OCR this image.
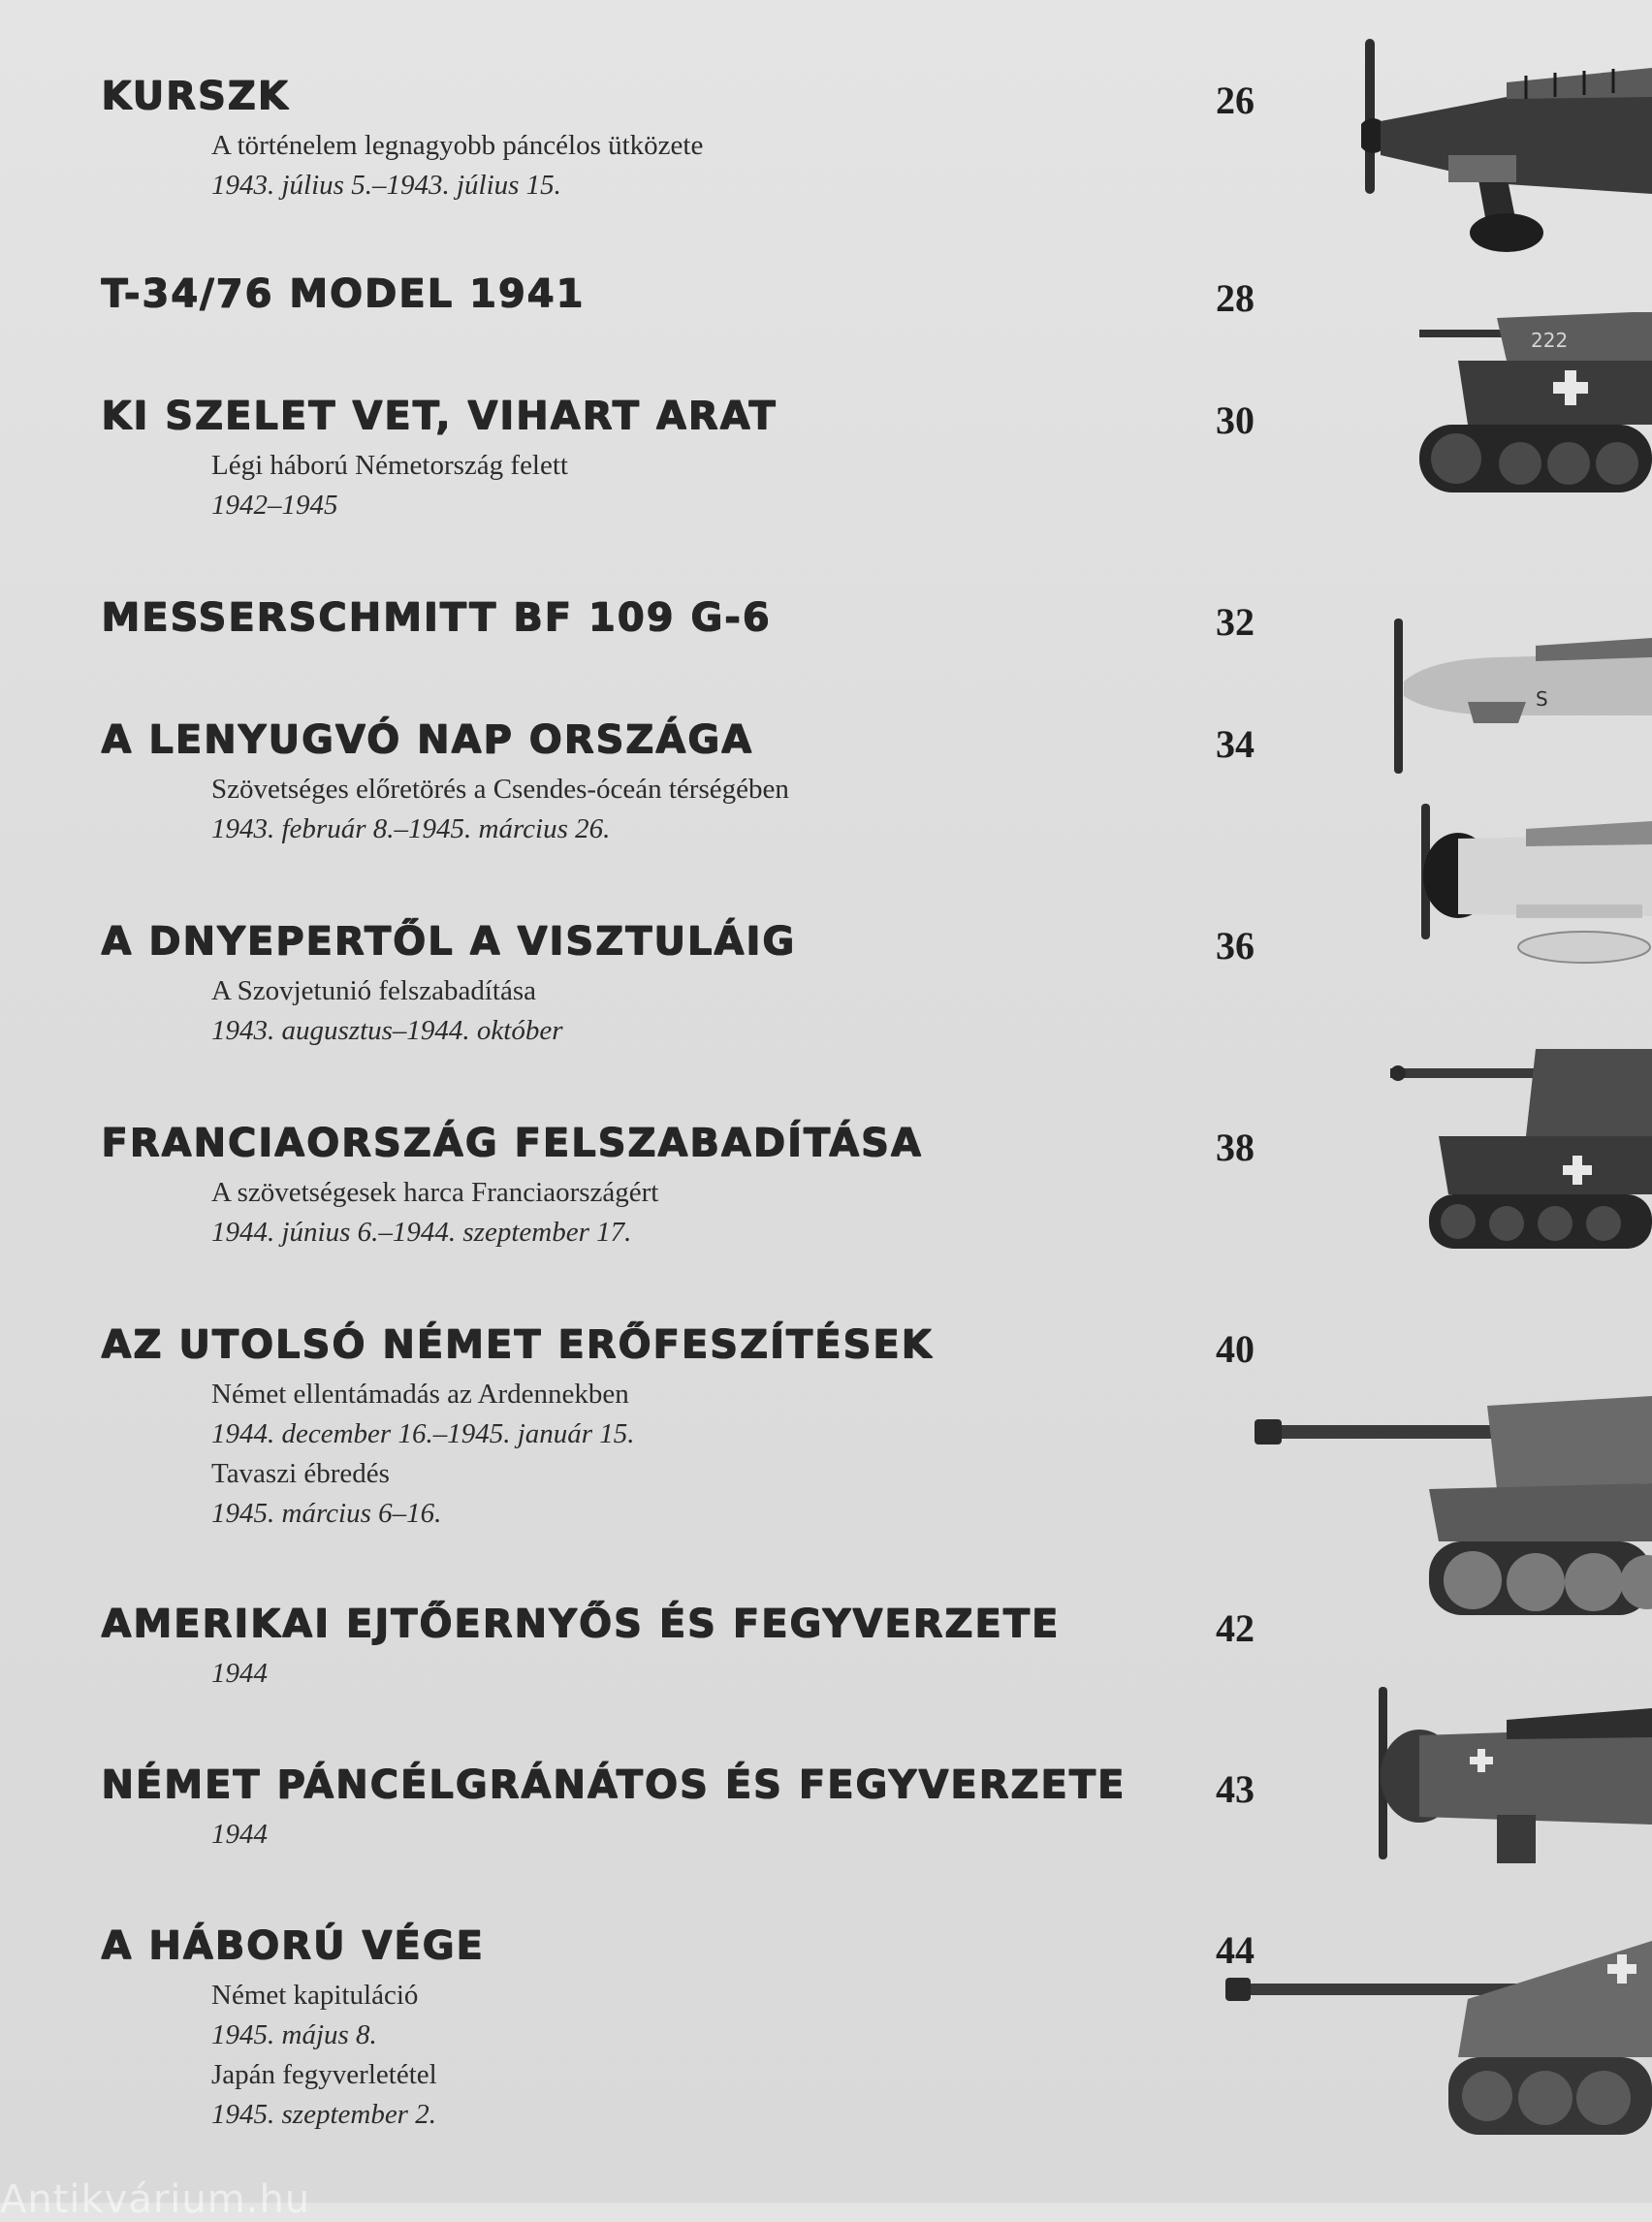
KURSZK	26
A történelem legnagyobb páncélos ütközete
1943. július 5.–1943. július 15.
T-34/76 MODEL 1941	28
KI SZELET VET, VIHART ARAT	30
Légi háború Németország felett
1942–1945
MESSERSCHMITT BF 109 G-6	32
A LENYUGVÓ NAP ORSZÁGA	34
Szövetséges előretörés a Csendes-óceán térségében
1943. február 8.–1945. március 26.
A DNYEPERTŐL A VISZTULÁIG	36
A Szovjetunió felszabadítása
1943. augusztus–1944. október
FRANCIAORSZÁG FELSZABADÍTÁSA	38
A szövetségesek harca Franciaországért
1944. június 6.–1944. szeptember 17.
AZ UTOLSÓ NÉMET ERŐFESZÍTÉSEK	40
Német ellentámadás az Ardennekben
1944. december 16.–1945. január 15.
Tavaszi ébredés
1945. március 6–16.
AMERIKAI EJTŐERNYŐS ÉS FEGYVERZETE	42
1944
NÉMET PÁNCÉLGRÁNÁTOS ÉS FEGYVERZETE 43
1944
A HÁBORÚ VÉGE	44
Német kapituláció
1945. május 8.
Japán fegyverletétel
1945. szeptember 2.
222
S
Antikvárium.hu
